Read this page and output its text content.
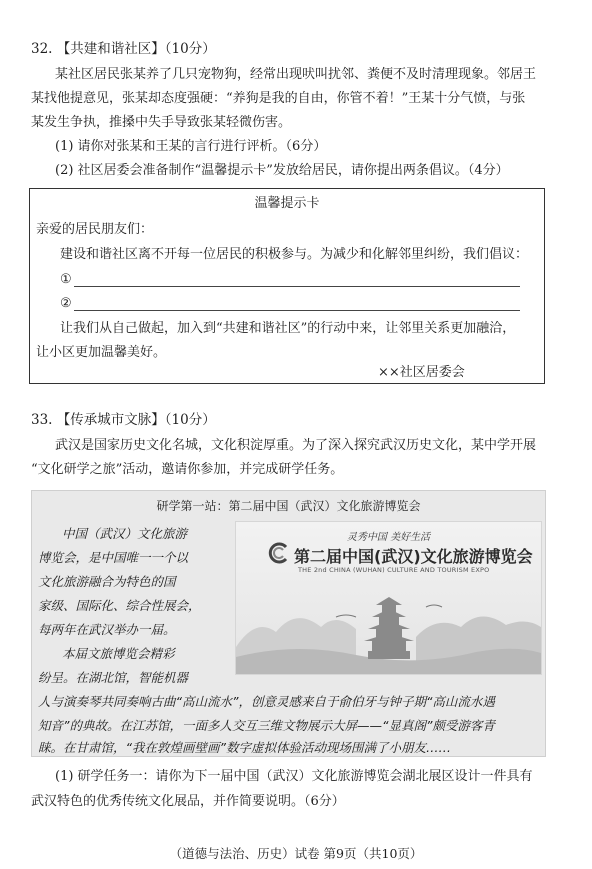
32. 【共建和谐社区】（10分）
某社区居民张某养了几只宠物狗，经常出现吠叫扰邻、粪便不及时清理现象。邻居王
某找他提意见，张某却态度强硬：“养狗是我的自由，你管不着！”王某十分气愤，与张
某发生争执，推搡中失手导致张某轻微伤害。
(1) 请你对张某和王某的言行进行评析。（6分）
(2) 社区居委会准备制作“温馨提示卡”发放给居民，请你提出两条倡议。（4分）
温馨提示卡
亲爱的居民朋友们：
建设和谐社区离不开每一位居民的积极参与。为减少和化解邻里纠纷，我们倡议：
①
②
让我们从自己做起，加入到“共建和谐社区”的行动中来，让邻里关系更加融洽，
让小区更加温馨美好。
××社区居委会
33. 【传承城市文脉】（10分）
武汉是国家历史文化名城，文化积淀厚重。为了深入探究武汉历史文化，某中学开展
“文化研学之旅”活动，邀请你参加，并完成研学任务。
研学第一站：第二届中国（武汉）文化旅游博览会
中国（武汉）文化旅游
博览会，是中国唯一一个以
文化旅游融合为特色的国
家级、国际化、综合性展会，
每两年在武汉举办一届。
本届文旅博览会精彩
纷呈。在湖北馆，智能机器
人与演奏琴共同奏响古曲“高山流水”，创意灵感来自于俞伯牙与钟子期“高山流水遇
知音”的典故。在江苏馆，一面多人交互三维文物展示大屏——“显真阁”颇受游客青
睐。在甘肃馆，“我在敦煌画壁画”数字虚拟体验活动现场围满了小朋友……
灵秀中国 美好生活
第二届中国(武汉)文化旅游博览会
THE 2nd CHINA (WUHAN) CULTURE AND TOURISM EXPO
(1) 研学任务一：请你为下一届中国（武汉）文化旅游博览会湖北展区设计一件具有
武汉特色的优秀传统文化展品，并作简要说明。（6分）
（道德与法治、历史）试卷 第9页（共10页）
